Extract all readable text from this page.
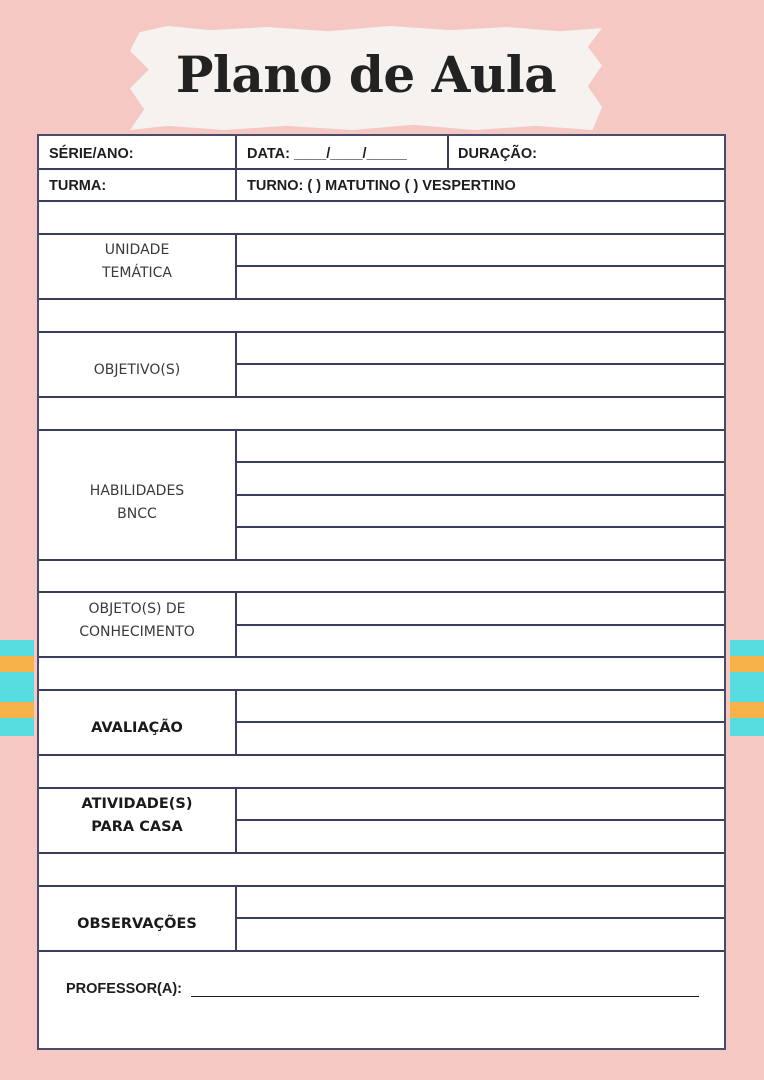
Plano de Aula
SÉRIE/ANO:	DATA: ____/____/_____	DURAÇÃO:
TURMA:	TURNO: ( ) MATUTINO ( ) VESPERTINO
UNIDADE
TEMÁTICA
OBJETIVO(S)
HABILIDADES
BNCC
OBJETO(S) DE
CONHECIMENTO
AVALIAÇÃO
ATIVIDADE(S)
PARA CASA
OBSERVAÇÕES
PROFESSOR(A):
